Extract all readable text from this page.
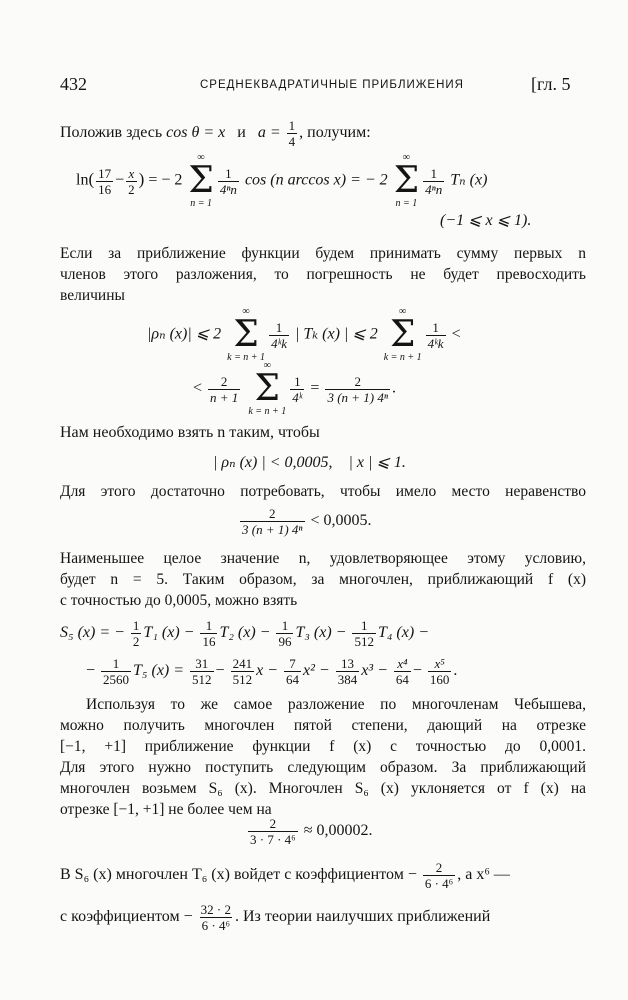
432	СРЕДНЕКВАДРАТИЧНЫЕ ПРИБЛИЖЕНИЯ	[гл. 5
Положив здесь cos θ = x и $a = \frac{1}{4}$ , получим:
$\ln( \frac{17}{16} - \frac{x}{2}$ ) = − 2
∞
Σ
n = 1
$\frac{1}{\text{4ⁿn}}$ cos (n arccos x) = − 2
∞
Σ
n = 1
$\frac{1}{\text{4ⁿn}}$ Tₙ (x)
(−1 ⩽ x ⩽ 1).
Если за приближение функции будем принимать сумму первых n
членов этого разложения, то погрешность не будет превосходить
величины
|ρₙ (x)| ⩽ 2
∞
Σ
k = n + 1
$\frac{1}{\text{4ᵏk}}$ | Tₖ (x) | ⩽ 2
∞
Σ
k = n + 1
$\frac{1}{\text{4ᵏk}}$ <
< $\frac{2}{n + 1}$

∞
Σ
k = n + 1
$\frac{1}{\text{4ᵏ}} = \frac{2}{\text{3 (n + 1) 4ⁿ}}$ .
Нам необходимо взять n таким, чтобы
| ρₙ (x) | < 0,0005,    | x | ⩽ 1.
Для этого достаточно потребовать, чтобы имело место неравенство
$\frac{2}{\text{3 (n + 1) 4ⁿ}} < 0,0005$.
Наименьшее целое значение n, удовлетворяющее этому условию,
будет n = 5. Таким образом, за многочлен, приближающий f (x)
с точностью до 0,0005, можно взять
S₅ (x) = − $\frac{1}{2} T_1$ $(x) - \frac{1}{16} T_2$ $(x) - \frac{1}{96} T_3$ $(x) - \frac{1}{512} T_4$ (x) −
− $\frac{1}{2560} T_5$ $(x) = \frac{31}{512} - \frac{241}{512}$ $x - \frac{7}{64} x^2 - \frac{13}{384} x^3 - \frac{\text{x⁴}}{64} - \frac{\text{x⁵}}{160}$ .
Используя то же самое разложение по многочленам Чебышева,
можно получить многочлен пятой степени, дающий на отрезке
[−1, +1] приближение функции f (x) с точностью до 0,0001.
Для этого нужно поступить следующим образом. За приближающий
многочлен возьмем S₆ (x). Многочлен S₆ (x) уклоняется от f (x) на
отрезке [−1, +1] не более чем на
$\frac{2}{\text{3 · 7 · 4⁶}} \approx 0,00002$.
В S₆ (x) многочлен T₆ (x) войдет с коэффициентом − $\frac{2}{\text{6 · 4⁶}}$ , а x⁶ —
с коэффициентом − $\frac{32 \cdot 2}{\text{6 · 4⁶}}$ . Из теории наилучших приближений
